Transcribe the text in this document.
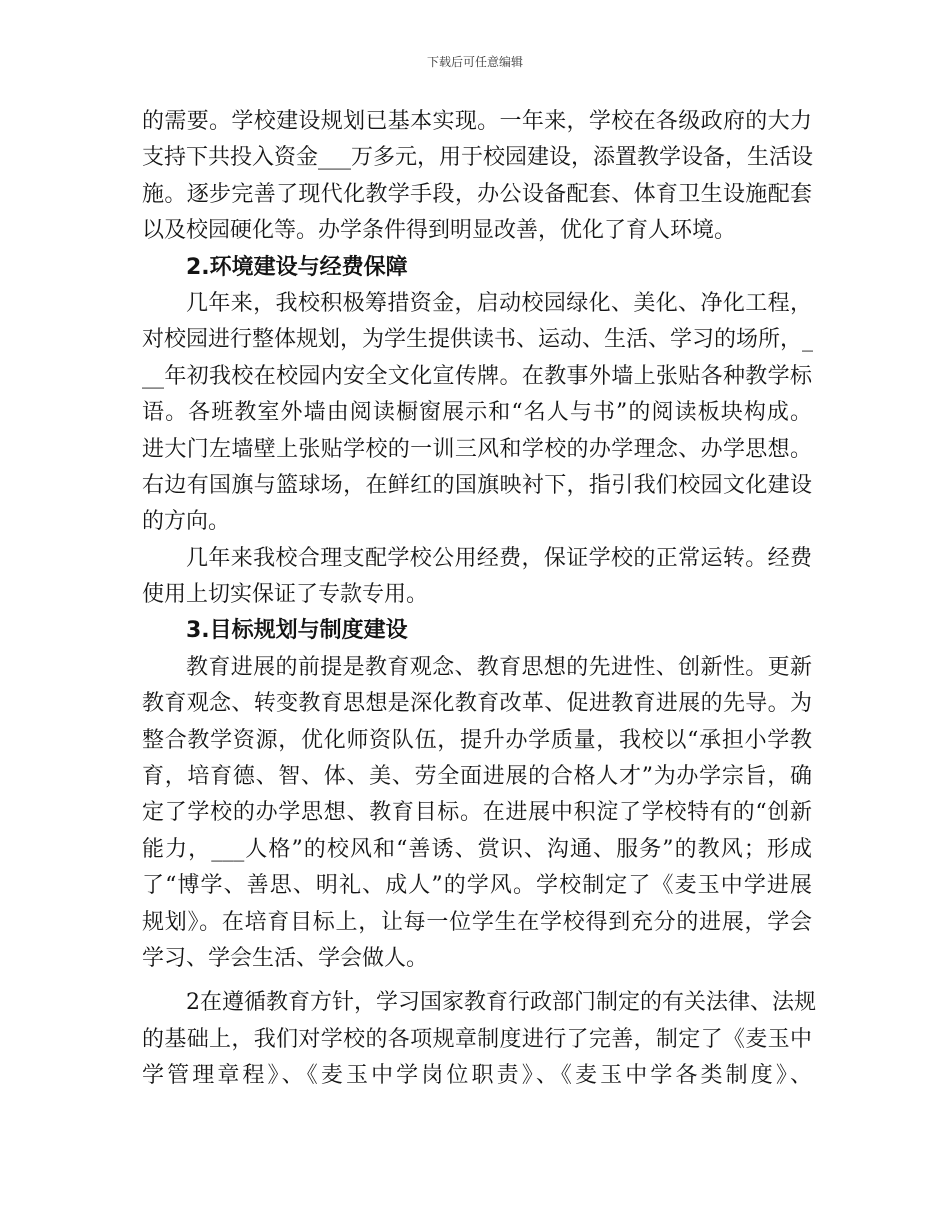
下载后可任意编辑
的需要。学校建设规划已基本实现。一年来，学校在各级政府的大力
支持下共投入资金___万多元，用于校园建设，添置教学设备，生活设
施。逐步完善了现代化教学手段，办公设备配套、体育卫生设施配套
以及校园硬化等。办学条件得到明显改善，优化了育人环境。
2.环境建设与经费保障
几年来，我校积极筹措资金，启动校园绿化、美化、净化工程，
对校园进行整体规划，为学生提供读书、运动、生活、学习的场所，_
__年初我校在校园内安全文化宣传牌。在教事外墙上张贴各种教学标
语。各班教室外墙由阅读橱窗展示和“名人与书”的阅读板块构成。
进大门左墙壁上张贴学校的一训三风和学校的办学理念、办学思想。
右边有国旗与篮球场，在鲜红的国旗映衬下，指引我们校园文化建设
的方向。
几年来我校合理支配学校公用经费，保证学校的正常运转。经费
使用上切实保证了专款专用。
3.目标规划与制度建设
教育进展的前提是教育观念、教育思想的先进性、创新性。更新
教育观念、转变教育思想是深化教育改革、促进教育进展的先导。为
整合教学资源，优化师资队伍，提升办学质量，我校以“承担小学教
育，培育德、智、体、美、劳全面进展的合格人才”为办学宗旨，确
定了学校的办学思想、教育目标。在进展中积淀了学校特有的“创新
能力，___人格”的校风和“善诱、赏识、沟通、服务”的教风；形成
了“博学、善思、明礼、成人”的学风。学校制定了《麦玉中学进展
规划》。在培育目标上，让每一位学生在学校得到充分的进展，学会
学习、学会生活、学会做人。
2在遵循教育方针，学习国家教育行政部门制定的有关法律、法规
的基础上，我们对学校的各项规章制度进行了完善，制定了《麦玉中
学管理章程》、《麦玉中学岗位职责》、《麦玉中学各类制度》、
